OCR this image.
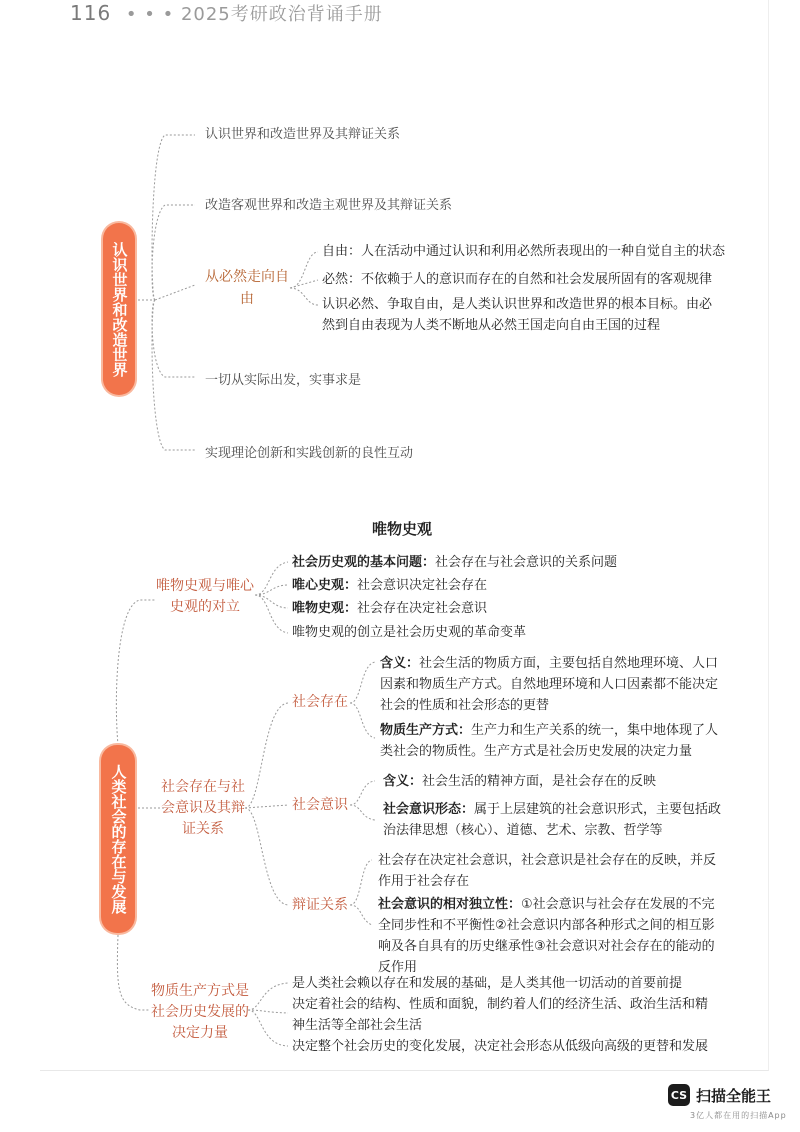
116 • • • 2025考研政治背诵手册
认识世界和改造世界
认识世界和改造世界及其辩证关系
改造客观世界和改造主观世界及其辩证关系
从必然走向自由
一切从实际出发，实事求是
实现理论创新和实践创新的良性互动
自由：人在活动中通过认识和利用必然所表现出的一种自觉自主的状态
必然：不依赖于人的意识而存在的自然和社会发展所固有的客观规律
认识必然、争取自由，是人类认识世界和改造世界的根本目标。由必然到自由表现为人类不断地从必然王国走向自由王国的过程
唯物史观
人类社会的存在与发展
唯物史观与唯心史观的对立
社会历史观的基本问题：社会存在与社会意识的关系问题
唯心史观：社会意识决定社会存在
唯物史观：社会存在决定社会意识
唯物史观的创立是社会历史观的革命变革
社会存在与社会意识及其辩证关系
社会存在
含义：社会生活的物质方面，主要包括自然地理环境、人口因素和物质生产方式。自然地理环境和人口因素都不能决定社会的性质和社会形态的更替
物质生产方式：生产力和生产关系的统一，集中地体现了人类社会的物质性。生产方式是社会历史发展的决定力量
社会意识
含义：社会生活的精神方面，是社会存在的反映
社会意识形态：属于上层建筑的社会意识形式，主要包括政治法律思想（核心）、道德、艺术、宗教、哲学等
辩证关系
社会存在决定社会意识，社会意识是社会存在的反映，并反作用于社会存在
社会意识的相对独立性：①社会意识与社会存在发展的不完全同步性和不平衡性②社会意识内部各种形式之间的相互影响及各自具有的历史继承性③社会意识对社会存在的能动的反作用
物质生产方式是社会历史发展的决定力量
是人类社会赖以存在和发展的基础，是人类其他一切活动的首要前提
决定着社会的结构、性质和面貌，制约着人们的经济生活、政治生活和精神生活等全部社会生活
决定整个社会历史的变化发展，决定社会形态从低级向高级的更替和发展
CS 扫描全能王
3亿人都在用的扫描App
